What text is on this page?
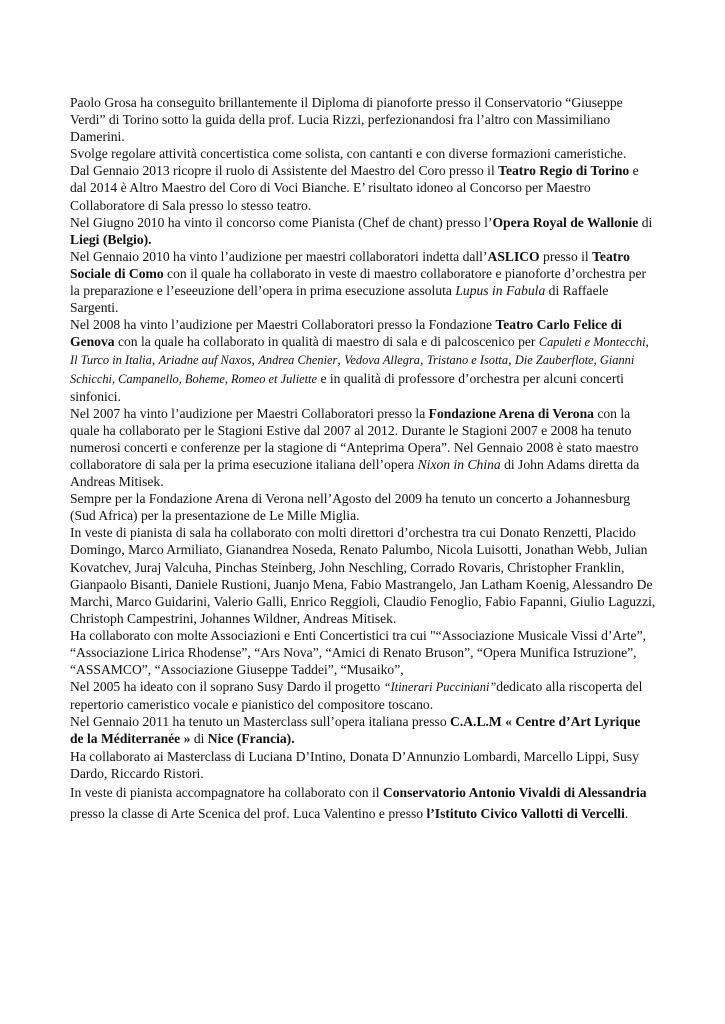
Paolo Grosa ha conseguito brillantemente il Diploma di pianoforte presso il Conservatorio “Giuseppe Verdi” di Torino sotto la guida della prof. Lucia Rizzi, perfezionandosi fra l’altro con Massimiliano Damerini.

Svolge regolare attività concertistica come solista, con cantanti e con diverse formazioni cameristiche.

Dal Gennaio 2013 ricopre il ruolo di Assistente del Maestro del Coro presso il Teatro Regio di Torino e dal 2014 è Altro Maestro del Coro di Voci Bianche. E’ risultato idoneo al Concorso per Maestro Collaboratore di Sala presso lo stesso teatro.

Nel Giugno 2010 ha vinto il concorso come Pianista (Chef de chant) presso l’Opera Royal de Wallonie di Liegi (Belgio).

Nel Gennaio 2010 ha vinto l’audizione per maestri collaboratori indetta dall’ASLICO presso il Teatro Sociale di Como con il quale ha collaborato in veste di maestro collaboratore e pianoforte d’orchestra per la preparazione e l’eseeuzione dell’opera in prima esecuzione assoluta Lupus in Fabula di Raffaele Sargenti.

Nel 2008 ha vinto l’audizione per Maestri Collaboratori presso la Fondazione Teatro Carlo Felice di Genova con la quale ha collaborato in qualità di maestro di sala e di palcoscenico per Capuleti e Montecchi, Il Turco in Italia, Ariadne auf Naxos, Andrea Chenier, Vedova Allegra, Tristano e Isotta, Die Zauberflote, Gianni Schicchi, Campanello, Boheme, Romeo et Juliette e in qualità di professore d’orchestra per alcuni concerti sinfonici.

Nel 2007 ha vinto l’audizione per Maestri Collaboratori presso la Fondazione Arena di Verona con la quale ha collaborato per le Stagioni Estive dal 2007 al 2012. Durante le Stagioni 2007 e 2008 ha tenuto numerosi concerti e conferenze per la stagione di “Anteprima Opera”. Nel Gennaio 2008 è stato maestro collaboratore di sala per la prima esecuzione italiana dell’opera Nixon in China di John Adams diretta da Andreas Mitisek.

Sempre per la Fondazione Arena di Verona nell’Agosto del 2009 ha tenuto un concerto a Johannesburg (Sud Africa) per la presentazione de Le Mille Miglia.

In veste di pianista di sala ha collaborato con molti direttori d’orchestra tra cui Donato Renzetti, Placido Domingo, Marco Armiliato, Gianandrea Noseda, Renato Palumbo, Nicola Luisotti, Jonathan Webb, Julian Kovatchev, Juraj Valcuha, Pinchas Steinberg, John Neschling, Corrado Rovaris, Christopher Franklin, Gianpaolo Bisanti, Daniele Rustioni, Juanjo Mena, Fabio Mastrangelo, Jan Latham Koenig, Alessandro De Marchi, Marco Guidarini, Valerio Galli, Enrico Reggioli, Claudio Fenoglio, Fabio Fapanni, Giulio Laguzzi, Christoph Campestrini, Johannes Wildner, Andreas Mitisek.

Ha collaborato con molte Associazioni e Enti Concertistici tra cui "“Associazione Musicale Vissi d’Arte”, “Associazione Lirica Rhodense”, “Ars Nova”, “Amici di Renato Bruson”, “Opera Munifica Istruzione”, “ASSAMCO”, “Associazione Giuseppe Taddei”, “Musaiko”,

Nel 2005 ha ideato con il soprano Susy Dardo il progetto “Itinerari Pucciniani”dedicato alla riscoperta del repertorio cameristico vocale e pianistico del compositore toscano.

Nel Gennaio 2011 ha tenuto un Masterclass sull’opera italiana presso C.A.L.M « Centre d’Art Lyrique de la Méditerranée » di Nice (Francia).

Ha collaborato ai Masterclass di Luciana D’Intino, Donata D’Annunzio Lombardi, Marcello Lippi, Susy Dardo, Riccardo Ristori.

In veste di pianista accompagnatore ha collaborato con il Conservatorio Antonio Vivaldi di Alessandria presso la classe di Arte Scenica del prof. Luca Valentino e presso l’Istituto Civico Vallotti di Vercelli.
